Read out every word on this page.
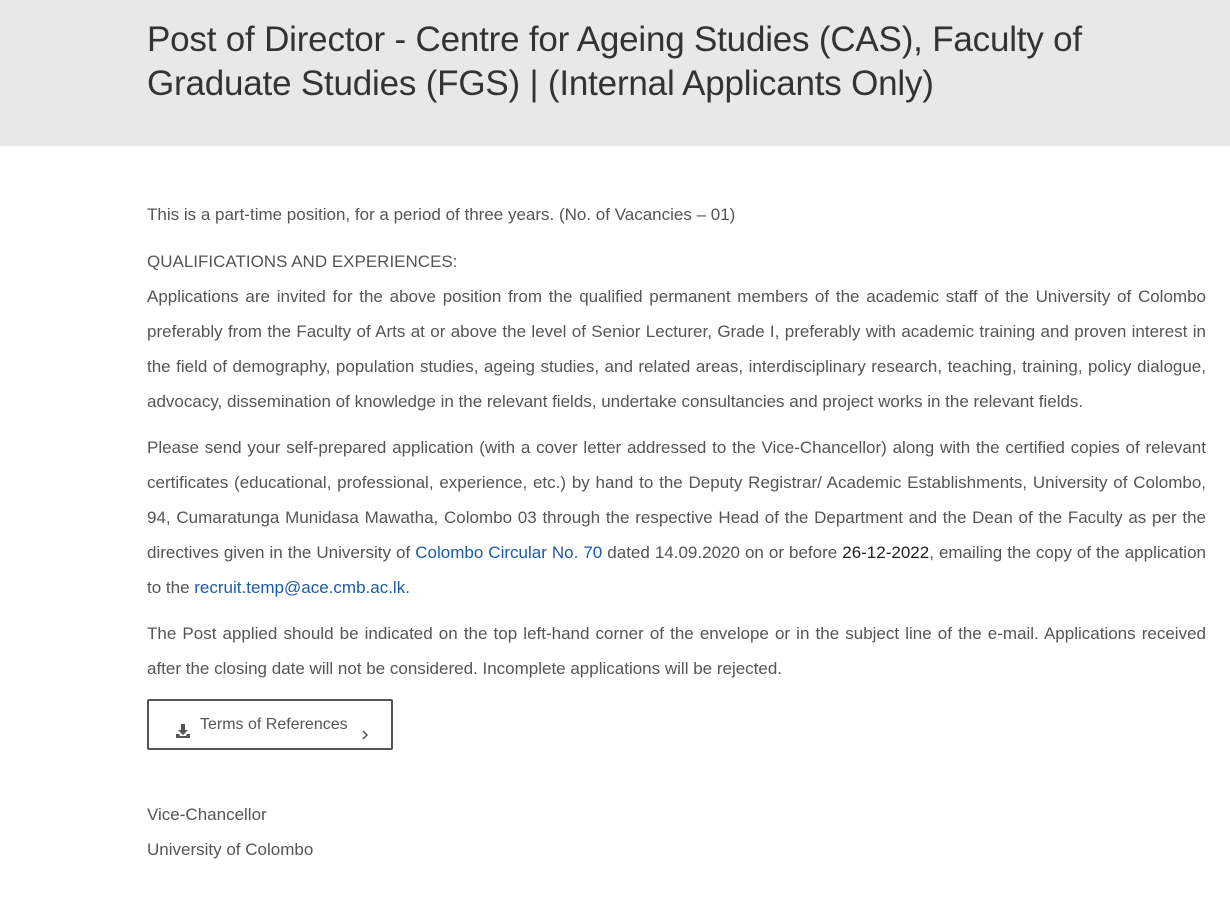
Post of Director - Centre for Ageing Studies (CAS), Faculty of Graduate Studies (FGS) | (Internal Applicants Only)

This is a part-time position, for a period of three years. (No. of Vacancies – 01)

QUALIFICATIONS AND EXPERIENCES:

Applications are invited for the above position from the qualified permanent members of the academic staff of the University of Colombo preferably from the Faculty of Arts at or above the level of Senior Lecturer, Grade I, preferably with academic training and proven interest in the field of demography, population studies, ageing studies, and related areas, interdisciplinary research, teaching, training, policy dialogue, advocacy, dissemination of knowledge in the relevant fields, undertake consultancies and project works in the relevant fields.

Please send your self-prepared application (with a cover letter addressed to the Vice-Chancellor) along with the certified copies of relevant certificates (educational, professional, experience, etc.) by hand to the Deputy Registrar/ Academic Establishments, University of Colombo, 94, Cumaratunga Munidasa Mawatha, Colombo 03 through the respective Head of the Department and the Dean of the Faculty as per the directives given in the University of Colombo Circular No. 70 dated 14.09.2020 on or before 26-12-2022, emailing the copy of the application to the recruit.temp@ace.cmb.ac.lk.

The Post applied should be indicated on the top left-hand corner of the envelope or in the subject line of the e-mail. Applications received after the closing date will not be considered. Incomplete applications will be rejected.

Terms of References
Vice-Chancellor
University of Colombo
